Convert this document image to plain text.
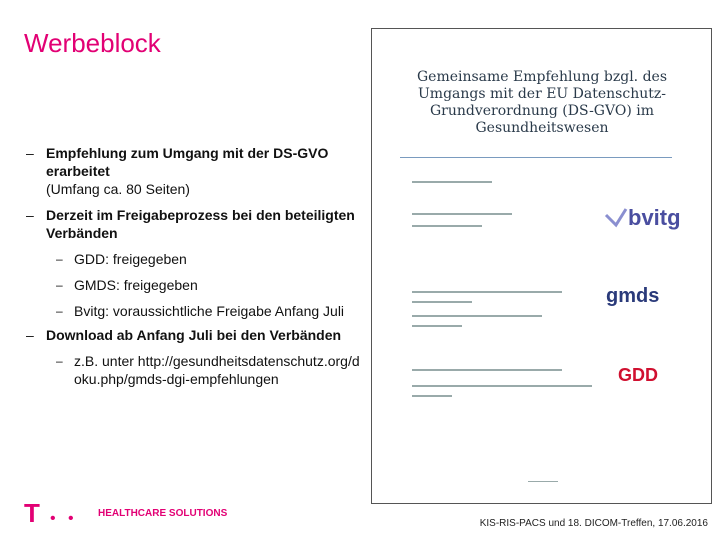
Werbeblock
– Empfehlung zum Umgang mit der DS-GVO erarbeitet
(Umfang ca. 80 Seiten)
– Derzeit im Freigabeprozess bei den beteiligten Verbänden
– GDD: freigegeben
– GMDS: freigegeben
– Bvitg: voraussichtliche Freigabe Anfang Juli
– Download ab Anfang Juli bei den Verbänden
– z.B. unter http://gesundheitsdatenschutz.org/doku.php/gmds-dgi-empfehlungen
Gemeinsame Empfehlung bzgl. des Umgangs mit der EU Datenschutz-Grundverordnung (DS-GVO) im Gesundheitswesen
bvitg
gmds
GDD
T • • HEALTHCARE SOLUTIONS
KIS-RIS-PACS und 18. DICOM-Treffen, 17.06.2016
